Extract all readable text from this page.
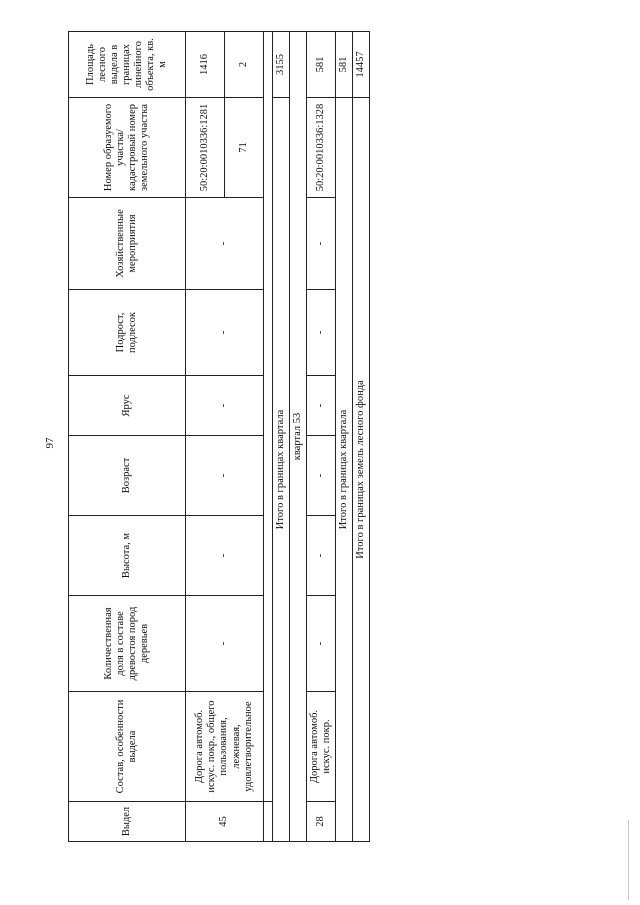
97
Выдел	Состав, особенности выдела	Количественная доля в составе древостоя пород деревьев	Высота, м	Возраст	Ярус	Подрост, подлесок	Хозяйственные мероприятия	Номер образуемого участка/кадастровый номер земельного участка	Площадь лесного выдела в границах линейного объекта, кв. м
45	Дорога автомоб. искус. покр., общего пользования, лежневая, удовлетворительное	-	-	-	-	-	-	50:20:0010336:1281	1416
								71	2

Итого в границах квартала									3155
квартал 53									
28	Дорога автомоб. искус. покр.	-	-	-	-	-	-	50:20:0010336:1328	581
Итого в границах квартала									581
Итого в границах земель лесного фонда									14457
